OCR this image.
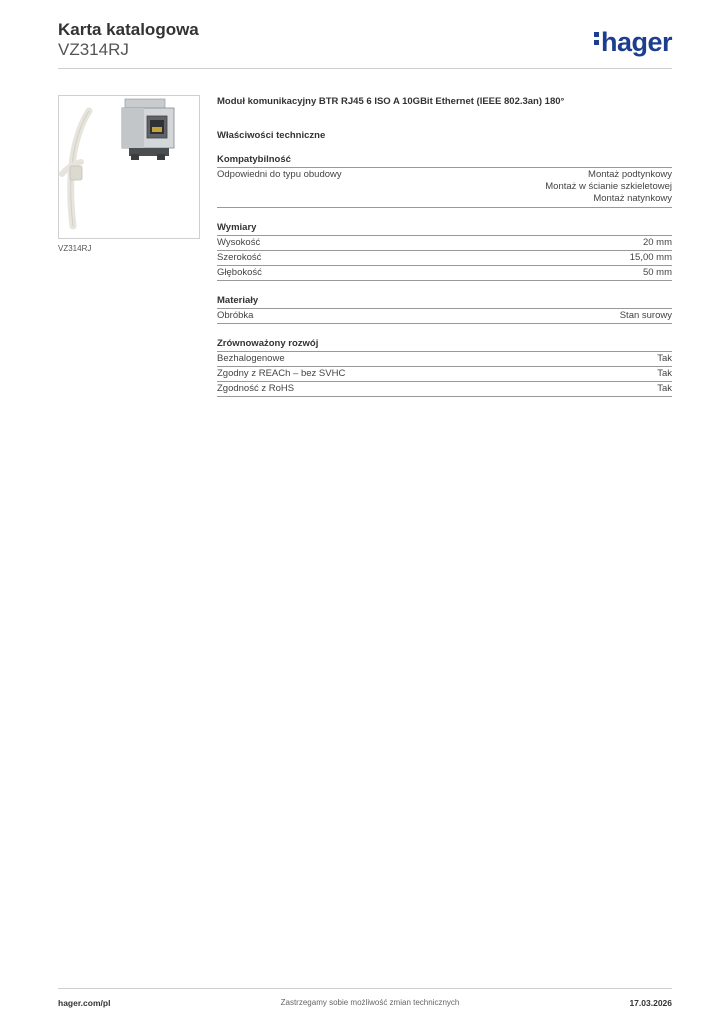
Karta katalogowa
VZ314RJ	hager
VZ314RJ
Moduł komunikacyjny BTR RJ45 6 ISO A 10GBit Ethernet (IEEE 802.3an) 180°
Właściwości techniczne
Kompatybilność
Odpowiedni do typu obudowy	Montaż podtynkowy
Montaż w ścianie szkieletowej
Montaż natynkowy
Wymiary
Wysokość	20 mm
Szerokość	15,00 mm
Głębokość	50 mm
Materiały
Obróbka	Stan surowy
Zrównoważony rozwój
Bezhalogenowe	Tak
Zgodny z REACh – bez SVHC	Tak
Zgodność z RoHS	Tak
hager.com/pl	Zastrzegamy sobie możliwość zmian technicznych	17.03.2026
